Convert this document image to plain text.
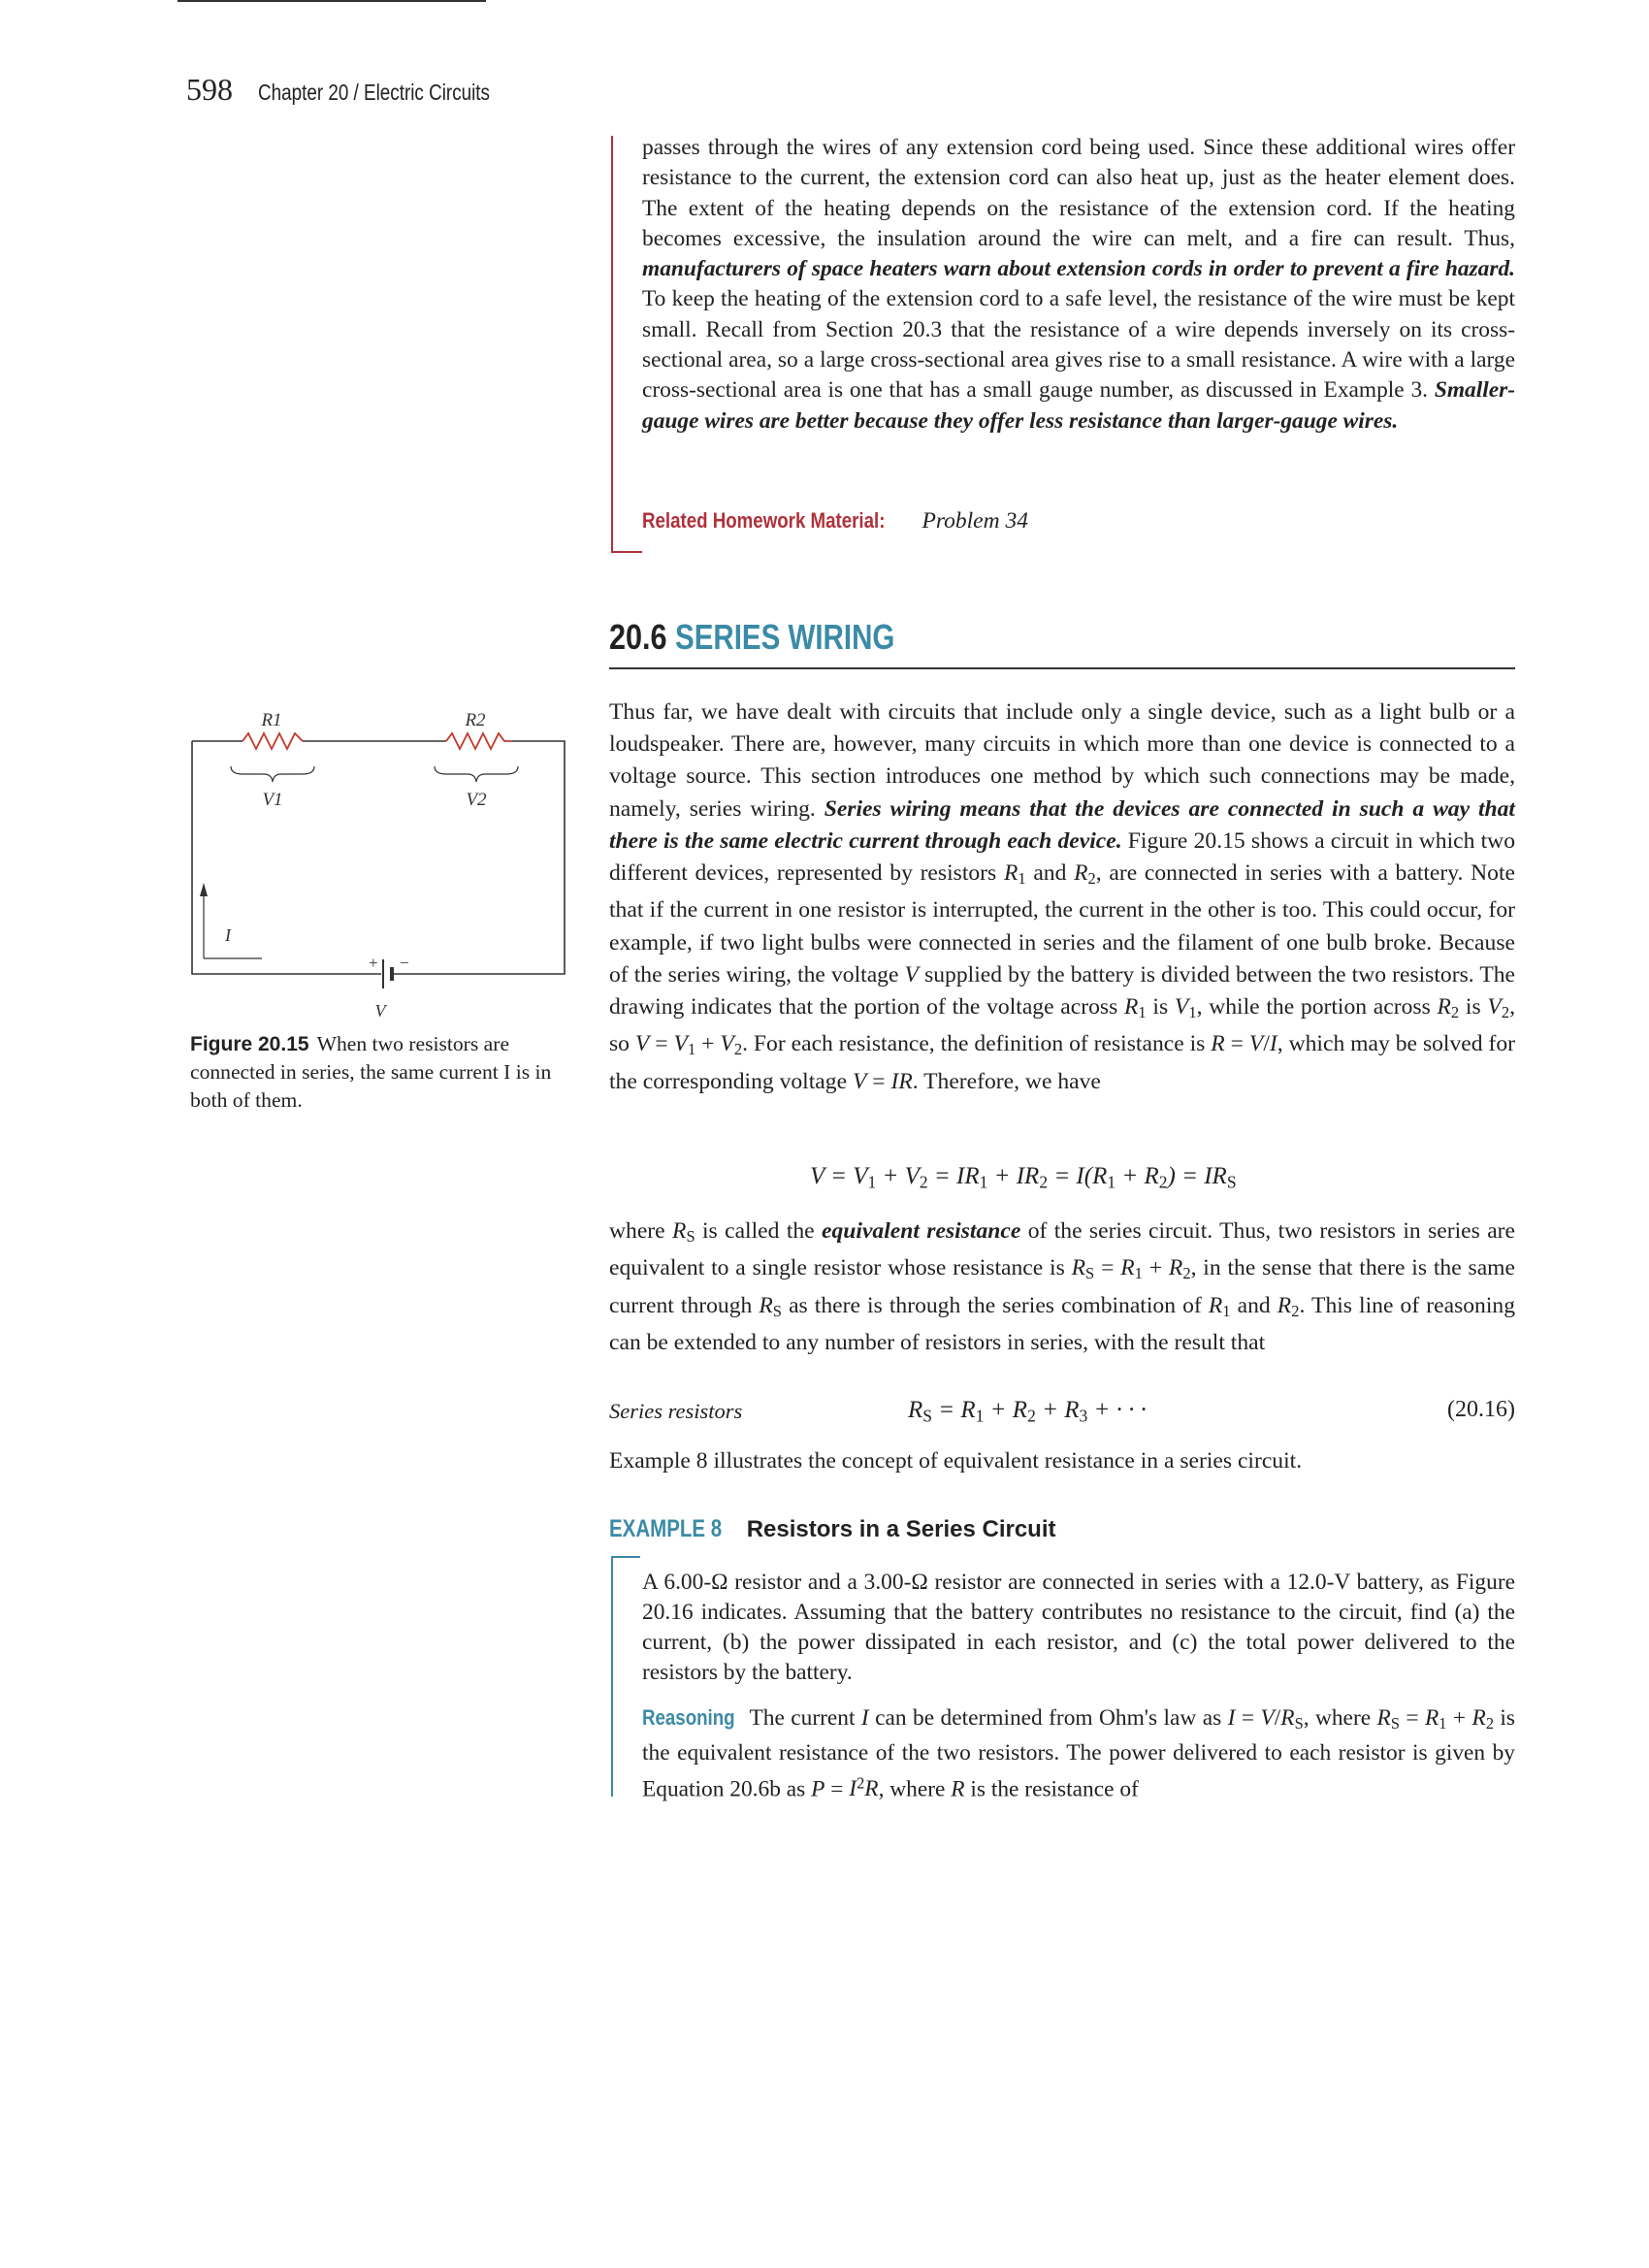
598 Chapter 20 / Electric Circuits
passes through the wires of any extension cord being used. Since these additional wires offer resistance to the current, the extension cord can also heat up, just as the heater element does. The extent of the heating depends on the resistance of the extension cord. If the heating becomes excessive, the insulation around the wire can melt, and a fire can result. Thus, manufacturers of space heaters warn about extension cords in order to prevent a fire hazard. To keep the heating of the extension cord to a safe level, the resistance of the wire must be kept small. Recall from Section 20.3 that the resistance of a wire depends inversely on its cross-sectional area, so a large cross-sectional area gives rise to a small resistance. A wire with a large cross-sectional area is one that has a small gauge number, as discussed in Example 3. Smaller-gauge wires are better because they offer less resistance than larger-gauge wires.
Related Homework Material: Problem 34
20.6 SERIES WIRING
R1	R2
V1	V2
I
+ −
V
Figure 20.15 When two resistors are connected in series, the same current I is in both of them.
Thus far, we have dealt with circuits that include only a single device, such as a light bulb or a loudspeaker. There are, however, many circuits in which more than one device is connected to a voltage source. This section introduces one method by which such connections may be made, namely, series wiring. Series wiring means that the devices are connected in such a way that there is the same electric current through each device. Figure 20.15 shows a circuit in which two different devices, represented by resistors $R_1$ and $R_2$, are connected in series with a battery. Note that if the current in one resistor is interrupted, the current in the other is too. This could occur, for example, if two light bulbs were connected in series and the filament of one bulb broke. Because of the series wiring, the voltage V supplied by the battery is divided between the two resistors. The drawing indicates that the portion of the voltage across $R_1$ is $V_1$, while the portion across $R_2$ is $V_2$, so $V = V_1 + V_2$. For each resistance, the definition of resistance is R = V/I, which may be solved for the corresponding voltage V = IR. Therefore, we have
$V = V_1 + V_2 = IR_1 + IR_2 = I(R_1 + R_2) = IR_S$
where $R_S$ is called the equivalent resistance of the series circuit. Thus, two resistors in series are equivalent to a single resistor whose resistance is $R_S = R_1 + R_2$, in the sense that there is the same current through $R_S$ as there is through the series combination of $R_1$ and $R_2$. This line of reasoning can be extended to any number of resistors in series, with the result that
Series resistors	$R_S = R_1 + R_2 + R_3$ + · · ·	(20.16)
Example 8 illustrates the concept of equivalent resistance in a series circuit.
EXAMPLE 8 Resistors in a Series Circuit
A 6.00-Ω resistor and a 3.00-Ω resistor are connected in series with a 12.0-V battery, as Figure 20.16 indicates. Assuming that the battery contributes no resistance to the circuit, find (a) the current, (b) the power dissipated in each resistor, and (c) the total power delivered to the resistors by the battery.
Reasoning The current I can be determined from Ohm's law as $I = V/R_S$, where $R_S = R_1 + R_2$ is the equivalent resistance of the two resistors. The power delivered to each resistor is given by Equation 20.6b as $P = I^2R$, where R is the resistance of
